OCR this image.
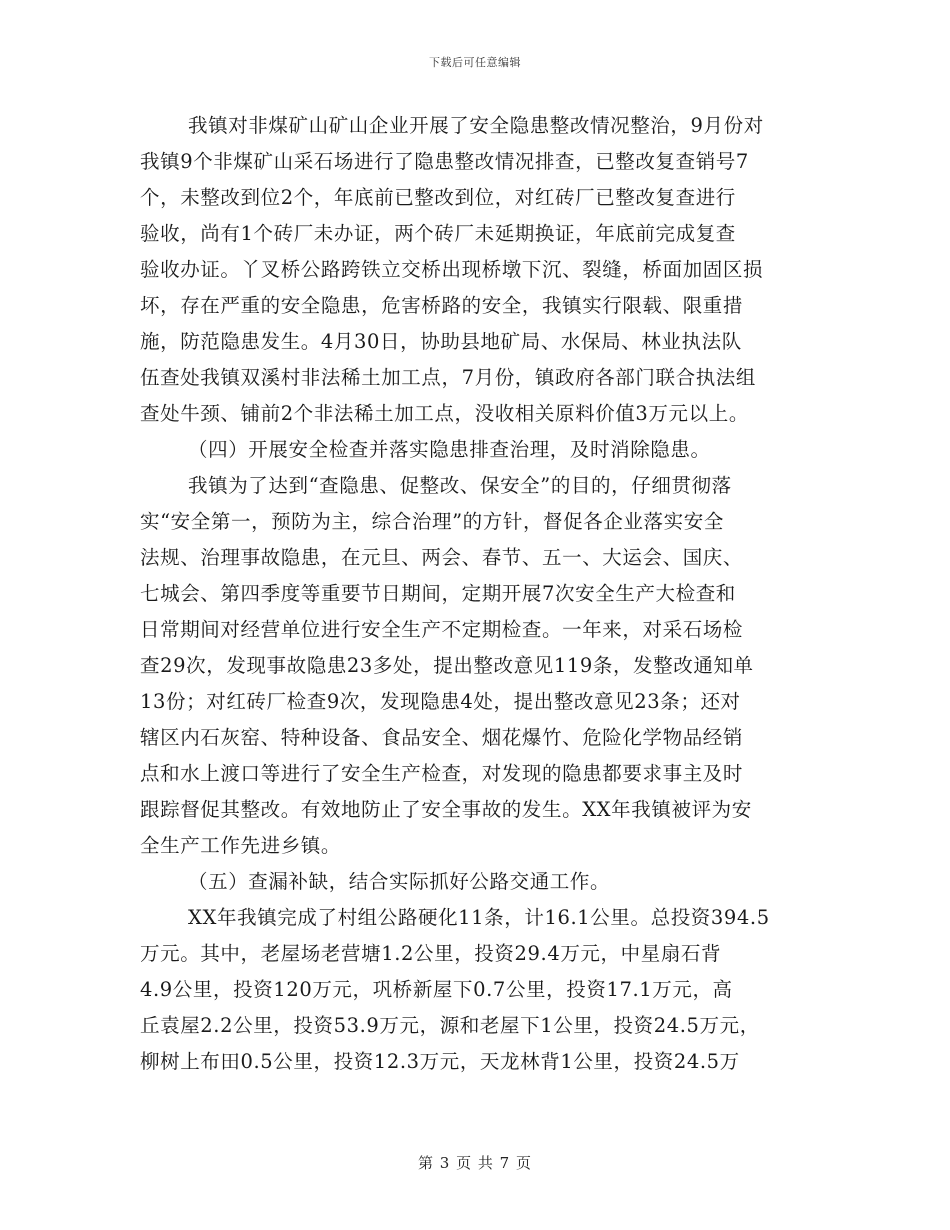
下载后可任意编辑
我镇对非煤矿山矿山企业开展了安全隐患整改情况整治，9月份对
我镇9个非煤矿山采石场进行了隐患整改情况排查，已整改复查销号7
个，未整改到位2个，年底前已整改到位，对红砖厂已整改复查进行
验收，尚有1个砖厂未办证，两个砖厂未延期换证，年底前完成复查
验收办证。丫叉桥公路跨铁立交桥出现桥墩下沉、裂缝，桥面加固区损
坏，存在严重的安全隐患，危害桥路的安全，我镇实行限载、限重措
施，防范隐患发生。4月30日，协助县地矿局、水保局、林业执法队
伍查处我镇双溪村非法稀土加工点，7月份，镇政府各部门联合执法组
查处牛颈、铺前2个非法稀土加工点，没收相关原料价值3万元以上。
（四）开展安全检查并落实隐患排查治理，及时消除隐患。
我镇为了达到“查隐患、促整改、保安全”的目的，仔细贯彻落
实“安全第一，预防为主，综合治理”的方针，督促各企业落实安全
法规、治理事故隐患，在元旦、两会、春节、五一、大运会、国庆、
七城会、第四季度等重要节日期间，定期开展7次安全生产大检查和
日常期间对经营单位进行安全生产不定期检查。一年来，对采石场检
查29次，发现事故隐患23多处，提出整改意见119条，发整改通知单
13份；对红砖厂检查9次，发现隐患4处，提出整改意见23条；还对
辖区内石灰窑、特种设备、食品安全、烟花爆竹、危险化学物品经销
点和水上渡口等进行了安全生产检查，对发现的隐患都要求事主及时
跟踪督促其整改。有效地防止了安全事故的发生。XX年我镇被评为安
全生产工作先进乡镇。
（五）查漏补缺，结合实际抓好公路交通工作。
XX年我镇完成了村组公路硬化11条，计16.1公里。总投资394.5
万元。其中，老屋场老营塘1.2公里，投资29.4万元，中星扇石背
4.9公里，投资120万元，巩桥新屋下0.7公里，投资17.1万元，高
丘袁屋2.2公里，投资53.9万元，源和老屋下1公里，投资24.5万元，
柳树上布田0.5公里，投资12.3万元，天龙林背1公里，投资24.5万
第 3 页 共 7 页
